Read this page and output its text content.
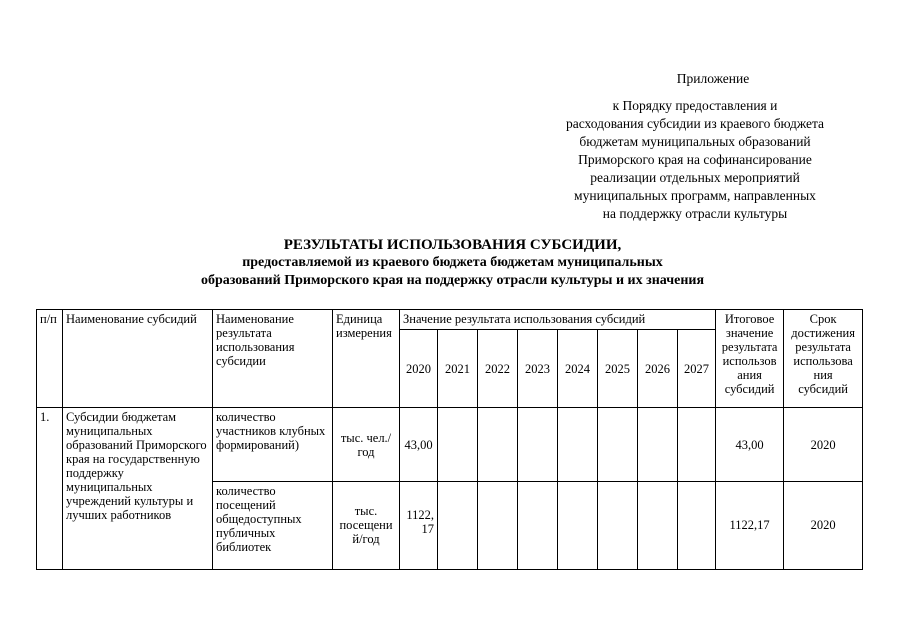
Приложение
к Порядку предоставления и
расходования субсидии из краевого бюджета
бюджетам муниципальных образований
Приморского края на софинансирование
реализации отдельных мероприятий
муниципальных программ, направленных
на поддержку отрасли культуры
РЕЗУЛЬТАТЫ ИСПОЛЬЗОВАНИЯ СУБСИДИИ,
предоставляемой из краевого бюджета бюджетам муниципальных
образований Приморского края на поддержку отрасли культуры и их значения
п/п	Наименование субсидий	Наименование результата использования субсидии	Единица измерения	Значение результата использования субсидий								Итоговое значение результата использов ания субсидий	Срок достижения результата использова ния субсидий
				2020	2021	2022	2023	2024	2025	2026	2027		
1.	Субсидии бюджетам муниципальных образований Приморского края на государственную поддержку муниципальных учреждений культуры и лучших работников	количество участников клубных формирований)	тыс. чел./год	43,00								43,00	2020
		количество посещений общедоступных публичных библиотек	тыс. посещени й/год	1122, 17								1122,17	2020
